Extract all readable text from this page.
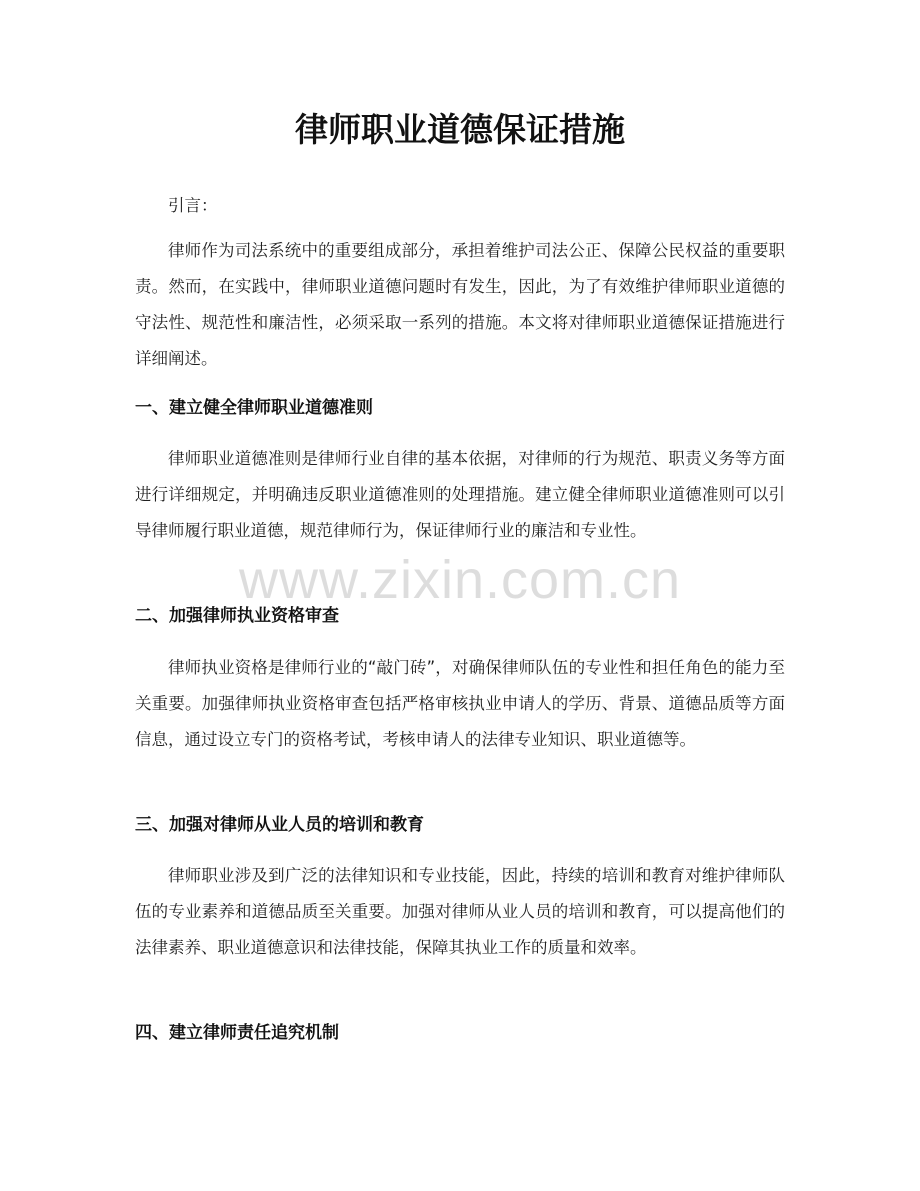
律师职业道德保证措施

引言：

律师作为司法系统中的重要组成部分，承担着维护司法公正、保障公民权益的重要职责。然而，在实践中，律师职业道德问题时有发生，因此，为了有效维护律师职业道德的守法性、规范性和廉洁性，必须采取一系列的措施。本文将对律师职业道德保证措施进行详细阐述。

一、建立健全律师职业道德准则

律师职业道德准则是律师行业自律的基本依据，对律师的行为规范、职责义务等方面进行详细规定，并明确违反职业道德准则的处理措施。建立健全律师职业道德准则可以引导律师履行职业道德，规范律师行为，保证律师行业的廉洁和专业性。

二、加强律师执业资格审查

律师执业资格是律师行业的“敲门砖”，对确保律师队伍的专业性和担任角色的能力至关重要。加强律师执业资格审查包括严格审核执业申请人的学历、背景、道德品质等方面信息，通过设立专门的资格考试，考核申请人的法律专业知识、职业道德等。

三、加强对律师从业人员的培训和教育

律师职业涉及到广泛的法律知识和专业技能，因此，持续的培训和教育对维护律师队伍的专业素养和道德品质至关重要。加强对律师从业人员的培训和教育，可以提高他们的法律素养、职业道德意识和法律技能，保障其执业工作的质量和效率。

四、建立律师责任追究机制
www.zixin.com.cn
